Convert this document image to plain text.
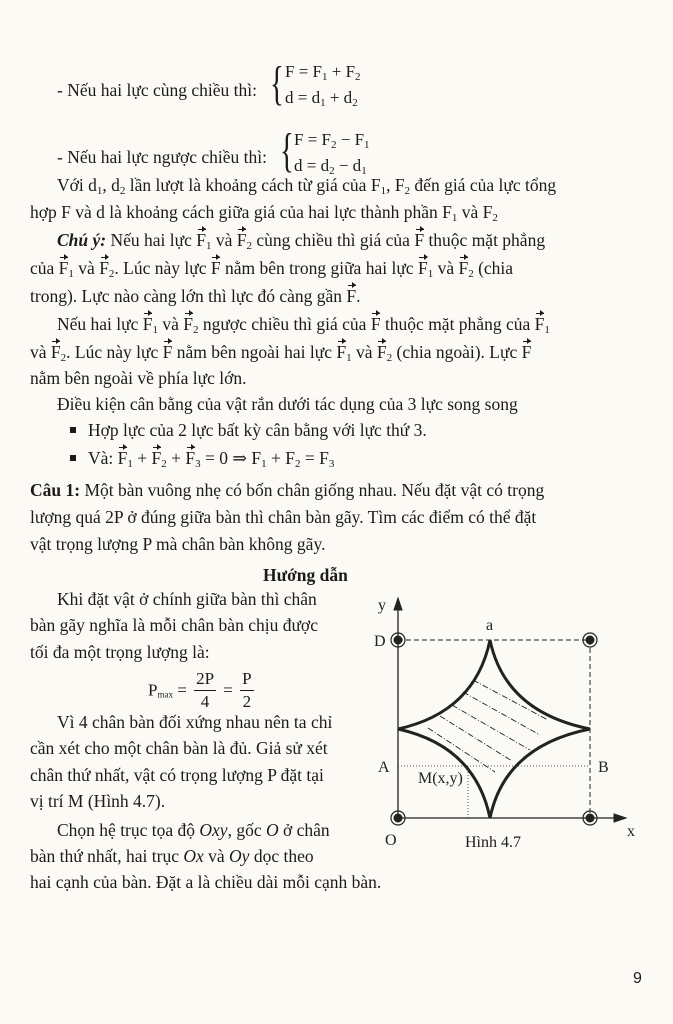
- Nếu hai lực cùng chiều thì: { $F = F_1 + F_2$
$d = d_1 + d_2$
- Nếu hai lực ngược chiều thì: { $F = F_2 - F_1$
$d = d_2 - d_1$
Với $d_1$, $d_2$ lần lượt là khoảng cách từ giá của $F_1$, $F_2$ đến giá của lực tổng
hợp F và d là khoảng cách giữa giá của hai lực thành phần $F_1$ và $F_2$
Chú ý: Nếu hai lực $F_1$ và $F_2$ cùng chiều thì giá của F thuộc mặt phẳng
của $F_1$ và $F_2$. Lúc này lực F nằm bên trong giữa hai lực $F_1$ và $F_2$ (chia
trong). Lực nào càng lớn thì lực đó càng gần F.
Nếu hai lực $F_1$ và $F_2$ ngược chiều thì giá của F thuộc mặt phẳng của $F_1$
và $F_2$. Lúc này lực F nằm bên ngoài hai lực $F_1$ và $F_2$ (chia ngoài). Lực F
nằm bên ngoài về phía lực lớn.
Điều kiện cân bằng của vật rắn dưới tác dụng của 3 lực song song
Hợp lực của 2 lực bất kỳ cân bằng với lực thứ 3.
Và: $F_1 + F_2 + F_3 = 0$ ⇒ $F_1 + F_2 = F_3$
Câu 1: Một bàn vuông nhẹ có bốn chân giống nhau. Nếu đặt vật có trọng
lượng quá 2P ở đúng giữa bàn thì chân bàn gãy. Tìm các điểm có thể đặt
vật trọng lượng P mà chân bàn không gãy.
Hướng dẫn
Khi đặt vật ở chính giữa bàn thì chân
bàn gãy nghĩa là mỗi chân bàn chịu được
tối đa một trọng lượng là:
Vì 4 chân bàn đối xứng nhau nên ta chỉ
cần xét cho một chân bàn là đủ. Giả sử xét
chân thứ nhất, vật có trọng lượng P đặt tại
vị trí M (Hình 4.7).
Chọn hệ trục tọa độ Oxy, gốc O ở chân
bàn thứ nhất, hai trục Ox và Oy dọc theo
hai cạnh của bàn. Đặt a là chiều dài mỗi cạnh bàn.
$P_{max} = \frac{2P}{4} = \frac{P}{2}$
y
x
O
D
A	B
a
M(x,y)
Hình 4.7
9
